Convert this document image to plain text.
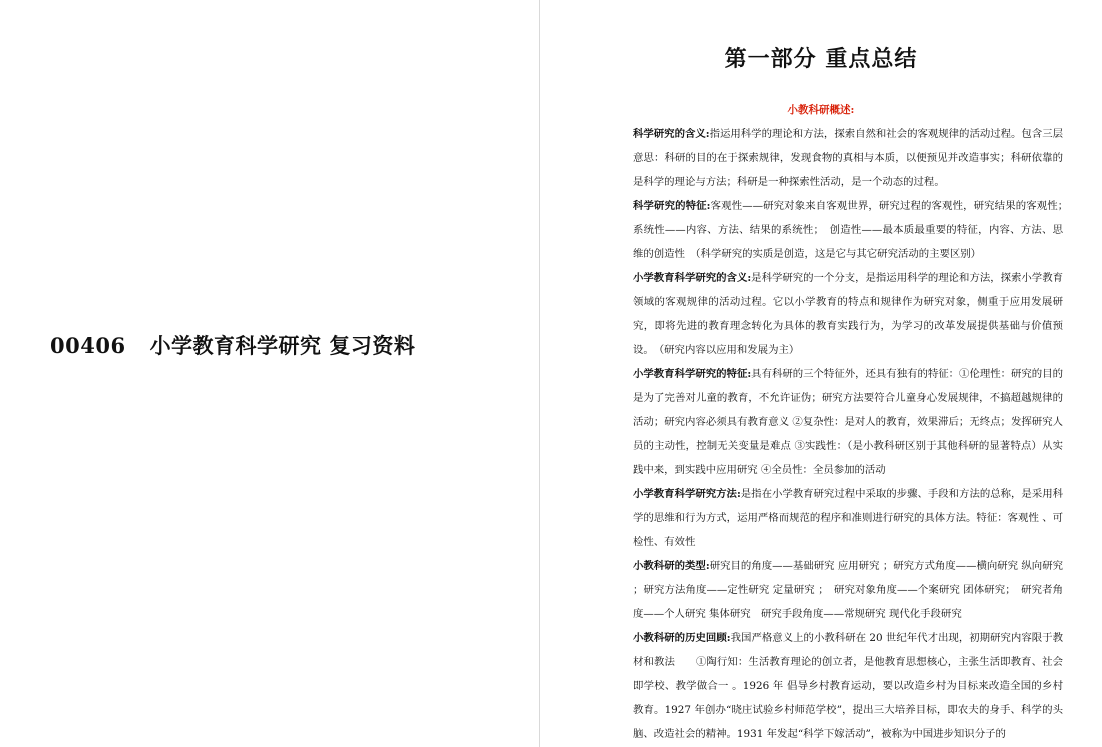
00406 小学教育科学研究 复习资料
第一部分 重点总结
小教科研概述:

科学研究的含义:指运用科学的理论和方法，探索自然和社会的客观规律的活动过程。包含三层意思：科研的目的在于探索规律，发现食物的真相与本质，以便预见并改造事实；科研依靠的是科学的理论与方法；科研是一种探索性活动，是一个动态的过程。

科学研究的特征:客观性——研究对象来自客观世界，研究过程的客观性，研究结果的客观性；　系统性——内容、方法、结果的系统性；　创造性——最本质最重要的特征，内容、方法、思维的创造性　（科学研究的实质是创造，这是它与其它研究活动的主要区别）

小学教育科学研究的含义:是科学研究的一个分支，是指运用科学的理论和方法，探索小学教育领域的客观规律的活动过程。它以小学教育的特点和规律作为研究对象，侧重于应用发展研究，即将先进的教育理念转化为具体的教育实践行为，为学习的改革发展提供基础与价值预设。　（研究内容以应用和发展为主）

小学教育科学研究的特征:具有科研的三个特征外，还具有独有的特征：①伦理性：研究的目的是为了完善对儿童的教育，不允许证伪；研究方法要符合儿童身心发展规律，不搞超越规律的活动；研究内容必须具有教育意义 ②复杂性：是对人的教育，效果滞后；无终点；发挥研究人员的主动性，控制无关变量是难点 ③实践性：（是小教科研区别于其他科研的显著特点）从实践中来，到实践中应用研究 ④全员性：全员参加的活动

小学教育科学研究方法:是指在小学教育研究过程中采取的步骤、手段和方法的总称，是采用科学的思维和行为方式，运用严格而规范的程序和准则进行研究的具体方法。特征：客观性 、可检性、有效性

小教科研的类型:研究目的角度——基础研究 应用研究 ；研究方式角度——横向研究 纵向研究 ；研究方法角度——定性研究 定量研究 ；　研究对象角度——个案研究 团体研究；　研究者角度——个人研究 集体研究　研究手段角度——常规研究 现代化手段研究

小教科研的历史回顾:我国严格意义上的小教科研在 20 世纪年代才出现，初期研究内容限于教材和教法　　①陶行知：生活教育理论的创立者，是他教育思想核心，主张生活即教育、社会即学校、教学做合一 。1926 年 倡导乡村教育运动，要以改造乡村为目标来改造全国的乡村教育。1927 年创办“晓庄试验乡村师范学校”，提出三大培养目标，即农夫的身手、科学的头脑、改造社会的精神。1931 年发起“科学下嫁活动”，被称为中国进步知识分子的
